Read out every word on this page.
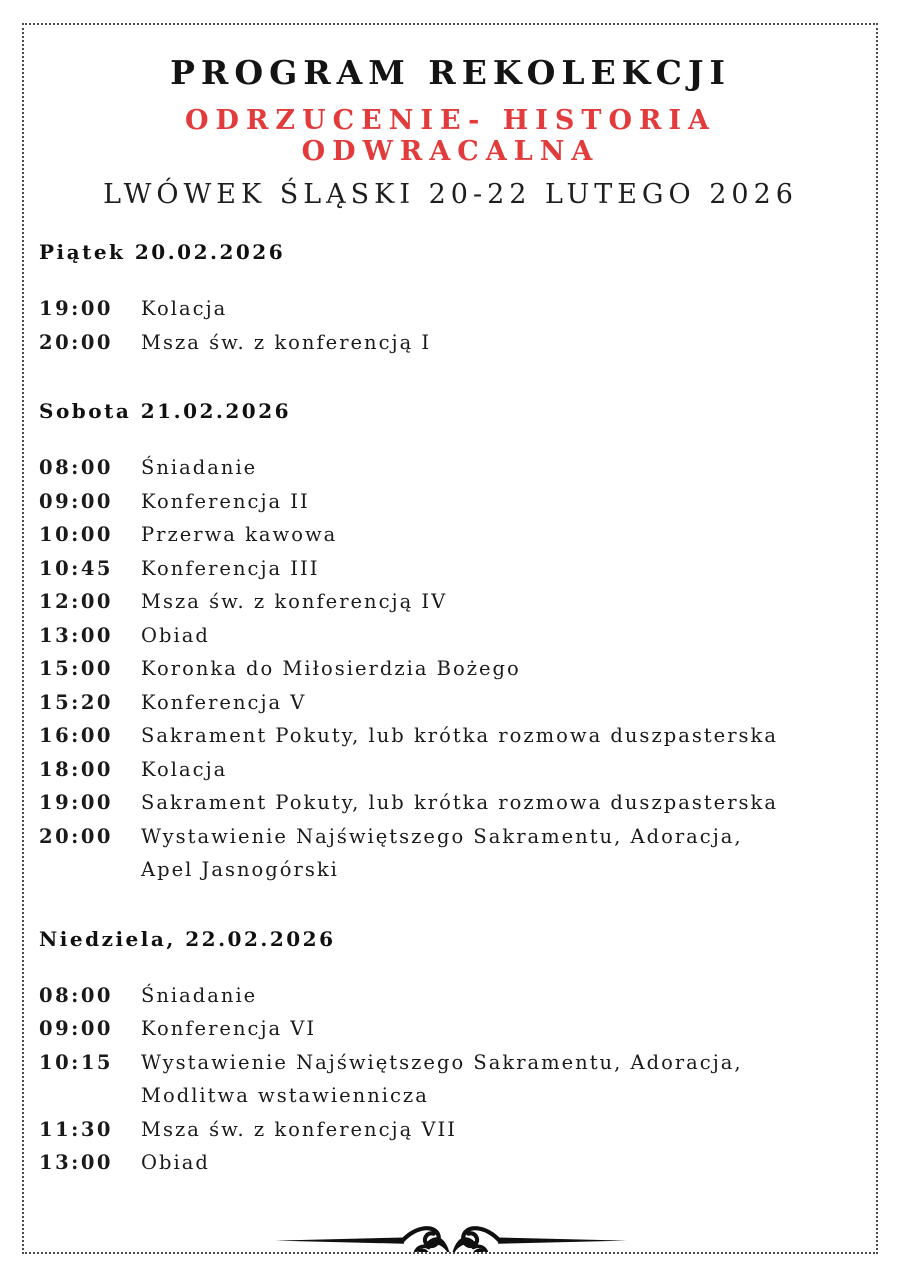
PROGRAM REKOLEKCJI
ODRZUCENIE- HISTORIA ODWRACALNA
LWÓWEK ŚLĄSKI 20-22 LUTEGO 2026

Piątek 20.02.2026

19:00	Kolacja
20:00	Msza św. z konferencją I

Sobota 21.02.2026

08:00	Śniadanie
09:00	Konferencja II
10:00	Przerwa kawowa
10:45	Konferencja III
12:00	Msza św. z konferencją IV
13:00	Obiad
15:00	Koronka do Miłosierdzia Bożego
15:20	Konferencja V
16:00	Sakrament Pokuty, lub krótka rozmowa duszpasterska
18:00	Kolacja
19:00	Sakrament Pokuty, lub krótka rozmowa duszpasterska
20:00	Wystawienie Najświętszego Sakramentu, Adoracja,
Apel Jasnogórski

Niedziela, 22.02.2026

08:00	Śniadanie
09:00	Konferencja VI
10:15	Wystawienie Najświętszego Sakramentu, Adoracja,
Modlitwa wstawiennicza
11:30	Msza św. z konferencją VII
13:00	Obiad
